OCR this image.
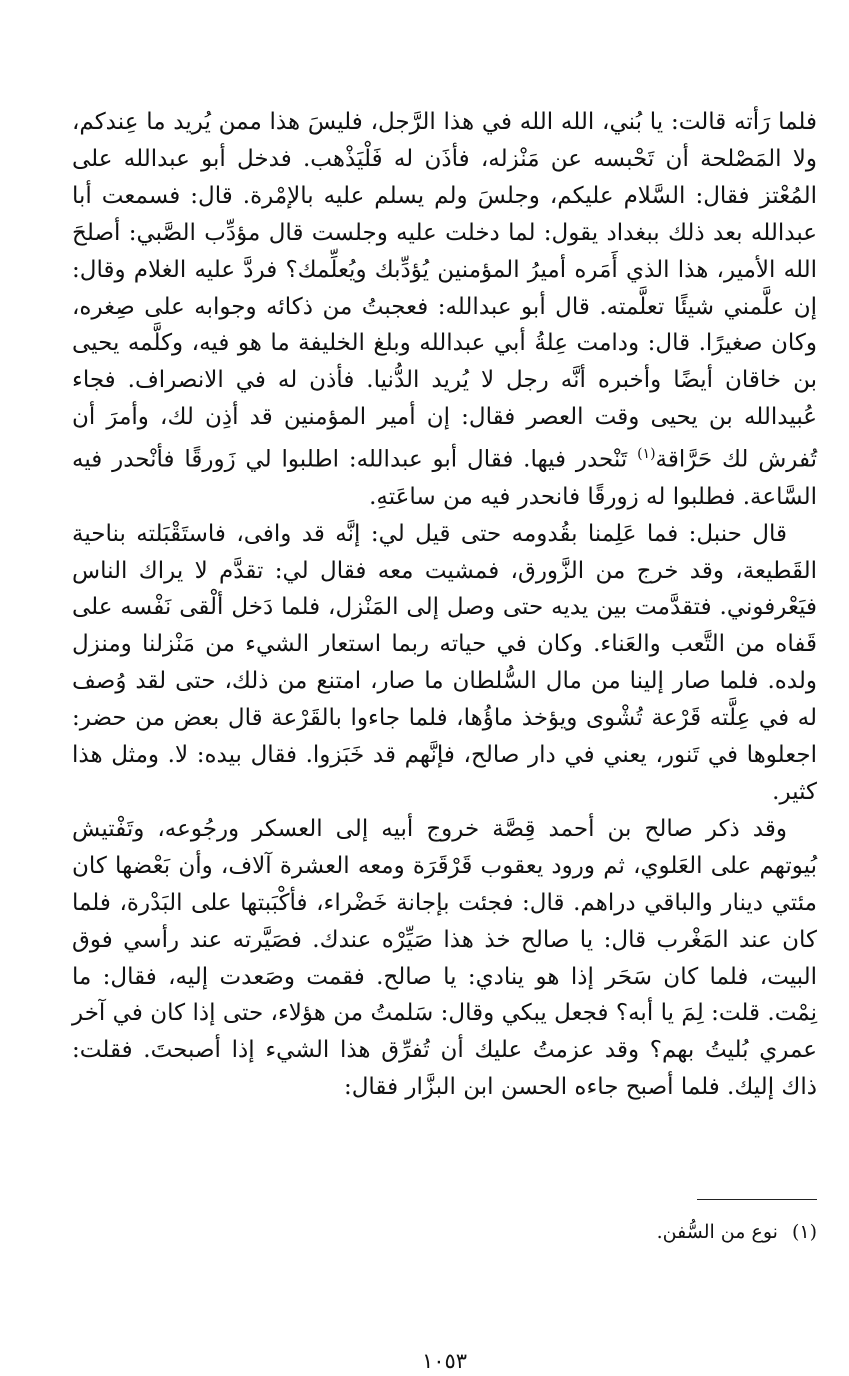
فلما رَأته قالت: يا بُني، الله الله في هذا الرَّجل، فليسَ هذا ممن يُريد ما عِندكم، ولا المَصْلحة أن تَحْبسه عن مَنْزله، فأذَن له فَلْيَذْهب. فدخل أبو عبدالله على المُعْتز فقال: السَّلام عليكم، وجلسَ ولم يسلم عليه بالإمْرة. قال: فسمعت أبا عبدالله بعد ذلك ببغداد يقول: لما دخلت عليه وجلست قال مؤدِّب الصَّبي: أصلحَ الله الأمير، هذا الذي أَمَره أميرُ المؤمنين يُؤدِّبك ويُعلِّمك؟ فردَّ عليه الغلام وقال: إن علَّمني شيئًا تعلَّمته. قال أبو عبدالله: فعجبتُ من ذكائه وجوابه على صِغره، وكان صغيرًا. قال: ودامت عِلةُ أبي عبدالله وبلغ الخليفة ما هو فيه، وكلَّمه يحيى بن خاقان أيضًا وأخبره أنَّه رجل لا يُريد الدُّنيا. فأذن له في الانصراف. فجاء عُبيدالله بن يحيى وقت العصر فقال: إن أمير المؤمنين قد أذِن لك، وأمرَ أن تُفرش لك حَرَّاقة$^{(١)}$ تَنْحدر فيها. فقال أبو عبدالله: اطلبوا لي زَورقًا فأنْحدر فيه السَّاعة. فطلبوا له زورقًا فانحدر فيه من ساعَتهِ.

قال حنبل: فما عَلِمنا بقُدومه حتى قيل لي: إنَّه قد وافى، فاستَقْبَلته بناحية القَطيعة، وقد خرج من الزَّورق، فمشيت معه فقال لي: تقدَّم لا يراك الناس فيَعْرفوني. فتقدَّمت بين يديه حتى وصل إلى المَنْزل، فلما دَخل ألْقى نَفْسه على قَفاه من التَّعب والعَناء. وكان في حياته ربما استعار الشيء من مَنْزلنا ومنزل ولده. فلما صار إلينا من مال السُّلطان ما صار، امتنع من ذلك، حتى لقد وُصف له في عِلَّته قَرْعة تُشْوى ويؤخذ ماؤُها، فلما جاءوا بالقَرْعة قال بعض من حضر: اجعلوها في تَنور، يعني في دار صالح، فإنَّهم قد خَبَزوا. فقال بيده: لا. ومثل هذا كثير.

وقد ذكر صالح بن أحمد قِصَّة خروج أبيه إلى العسكر ورجُوعه، وتَفْتيش بُيوتهم على العَلوي، ثم ورود يعقوب قَرْقَرَة ومعه العشرة آلاف، وأن بَعْضها كان مئتي دينار والباقي دراهم. قال: فجئت بإجانة خَضْراء، فأكْبَبتها على البَدْرة، فلما كان عند المَغْرب قال: يا صالح خذ هذا صَيِّرْه عندك. فصَيَّرته عند رأسي فوق البيت، فلما كان سَحَر إذا هو ينادي: يا صالح. فقمت وصَعدت إليه، فقال: ما نِمْت. قلت: لِمَ يا أبه؟ فجعل يبكي وقال: سَلمتُ من هؤلاء، حتى إذا كان في آخر عمري بُليتُ بهم؟ وقد عزمتُ عليك أن تُفرِّق هذا الشيء إذا أصبحتَ. فقلت: ذاك إليك. فلما أصبح جاءه الحسن ابن البزَّار فقال:

(١)نوع من السُّفن.
١٠٥٣
